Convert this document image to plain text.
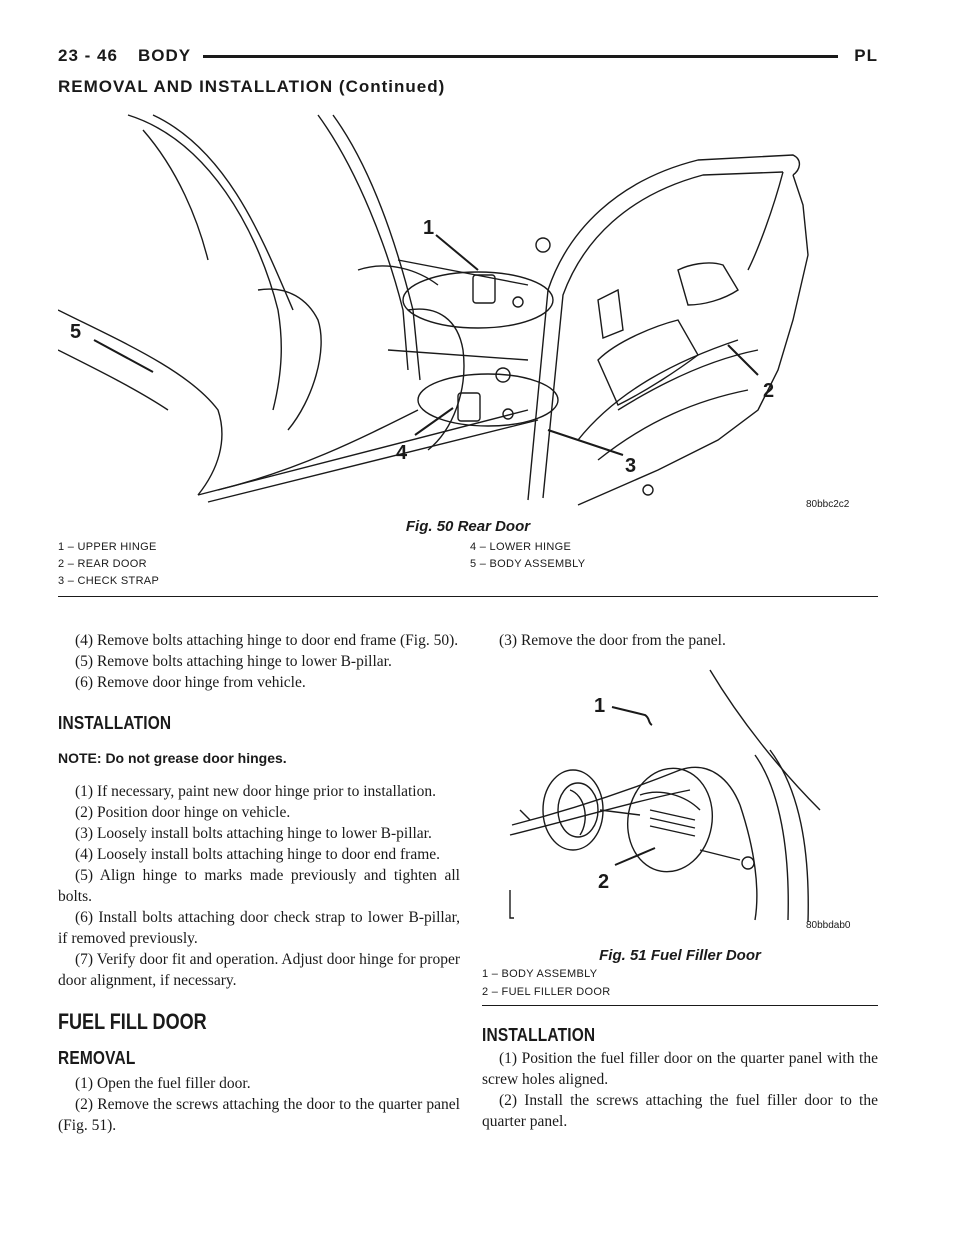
23 - 46 BODY	PL
REMOVAL AND INSTALLATION (Continued)
1
2
3
4
5
80bbc2c2
Fig. 50 Rear Door
1 – UPPER HINGE
2 – REAR DOOR
3 – CHECK STRAP
4 – LOWER HINGE
5 – BODY ASSEMBLY

(4) Remove bolts attaching hinge to door end frame (Fig. 50).

(5) Remove bolts attaching hinge to lower B-pillar.

(6) Remove door hinge from vehicle.

INSTALLATION

NOTE: Do not grease door hinges.

(1) If necessary, paint new door hinge prior to installation.

(2) Position door hinge on vehicle.

(3) Loosely install bolts attaching hinge to lower B-pillar.

(4) Loosely install bolts attaching hinge to door end frame.

(5) Align hinge to marks made previously and tighten all bolts.

(6) Install bolts attaching door check strap to lower B-pillar, if removed previously.

(7) Verify door fit and operation. Adjust door hinge for proper door alignment, if necessary.

FUEL FILL DOOR
REMOVAL

(1) Open the fuel filler door.

(2) Remove the screws attaching the door to the quarter panel (Fig. 51).

(3) Remove the door from the panel.

1
2
80bbdab0
Fig. 51 Fuel Filler Door
1 – BODY ASSEMBLY
2 – FUEL FILLER DOOR
INSTALLATION

(1) Position the fuel filler door on the quarter panel with the screw holes aligned.

(2) Install the screws attaching the fuel filler door to the quarter panel.
